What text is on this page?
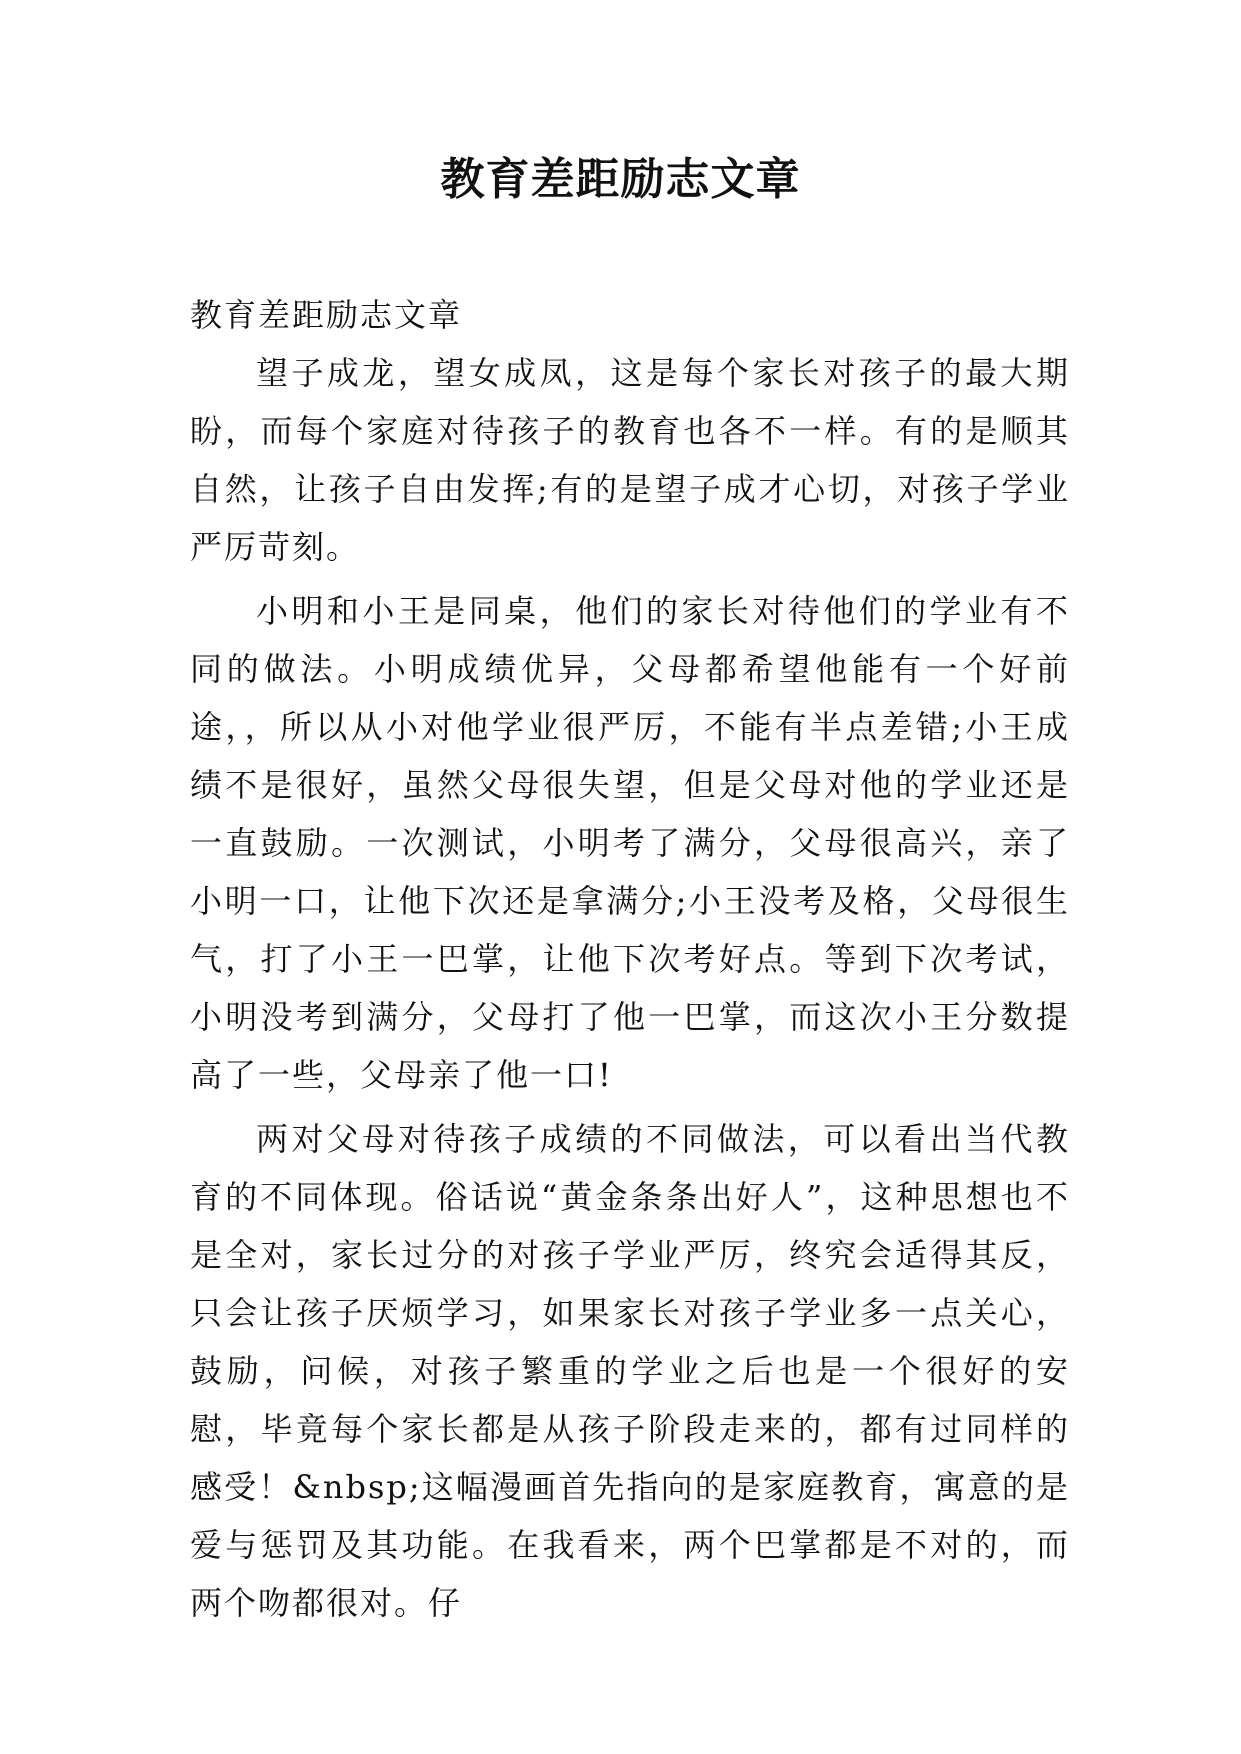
教育差距励志文章

教育差距励志文章

望子成龙，望女成凤，这是每个家长对孩子的最大期盼，而每个家庭对待孩子的教育也各不一样。有的是顺其自然，让孩子自由发挥;有的是望子成才心切，对孩子学业严厉苛刻。

小明和小王是同桌，他们的家长对待他们的学业有不同的做法。小明成绩优异，父母都希望他能有一个好前途，，所以从小对他学业很严厉，不能有半点差错;小王成绩不是很好，虽然父母很失望，但是父母对他的学业还是一直鼓励。一次测试，小明考了满分，父母很高兴，亲了小明一口，让他下次还是拿满分;小王没考及格，父母很生气，打了小王一巴掌，让他下次考好点。等到下次考试，小明没考到满分，父母打了他一巴掌，而这次小王分数提高了一些，父母亲了他一口!

两对父母对待孩子成绩的不同做法，可以看出当代教育的不同体现。俗话说“黄金条条出好人”，这种思想也不是全对，家长过分的对孩子学业严厉，终究会适得其反，只会让孩子厌烦学习，如果家长对孩子学业多一点关心，鼓励，问候，对孩子繁重的学业之后也是一个很好的安慰，毕竟每个家长都是从孩子阶段走来的，都有过同样的感受！&nbsp;这幅漫画首先指向的是家庭教育，寓意的是爱与惩罚及其功能。在我看来，两个巴掌都是不对的，而两个吻都很对。仔
